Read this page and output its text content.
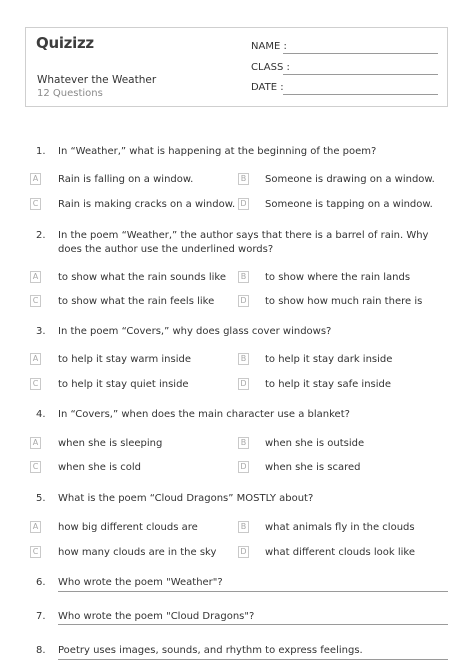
Quizizz
Whatever the Weather
12 Questions
NAME :
CLASS :
DATE :
1. In “Weather,” what is happening at the beginning of the poem?
A Rain is falling on a window.	B Someone is drawing on a window.
C Rain is making cracks on a window. D Someone is tapping on a window.
2. In the poem “Weather,” the author says that there is a barrel of rain. Why does the author use the underlined words?
A to show what the rain sounds like	B to show where the rain lands
C to show what the rain feels like	D to show how much rain there is
3. In the poem “Covers,” why does glass cover windows?
A to help it stay warm inside	B to help it stay dark inside
C to help it stay quiet inside	D to help it stay safe inside
4. In “Covers,” when does the main character use a blanket?
A when she is sleeping	B when she is outside
C when she is cold	D when she is scared
5. What is the poem “Cloud Dragons” MOSTLY about?
A how big different clouds are	B what animals fly in the clouds
C how many clouds are in the sky	D what different clouds look like
6. Who wrote the poem "Weather"?
7. Who wrote the poem "Cloud Dragons"?
8. Poetry uses images, sounds, and rhythm to express feelings.
